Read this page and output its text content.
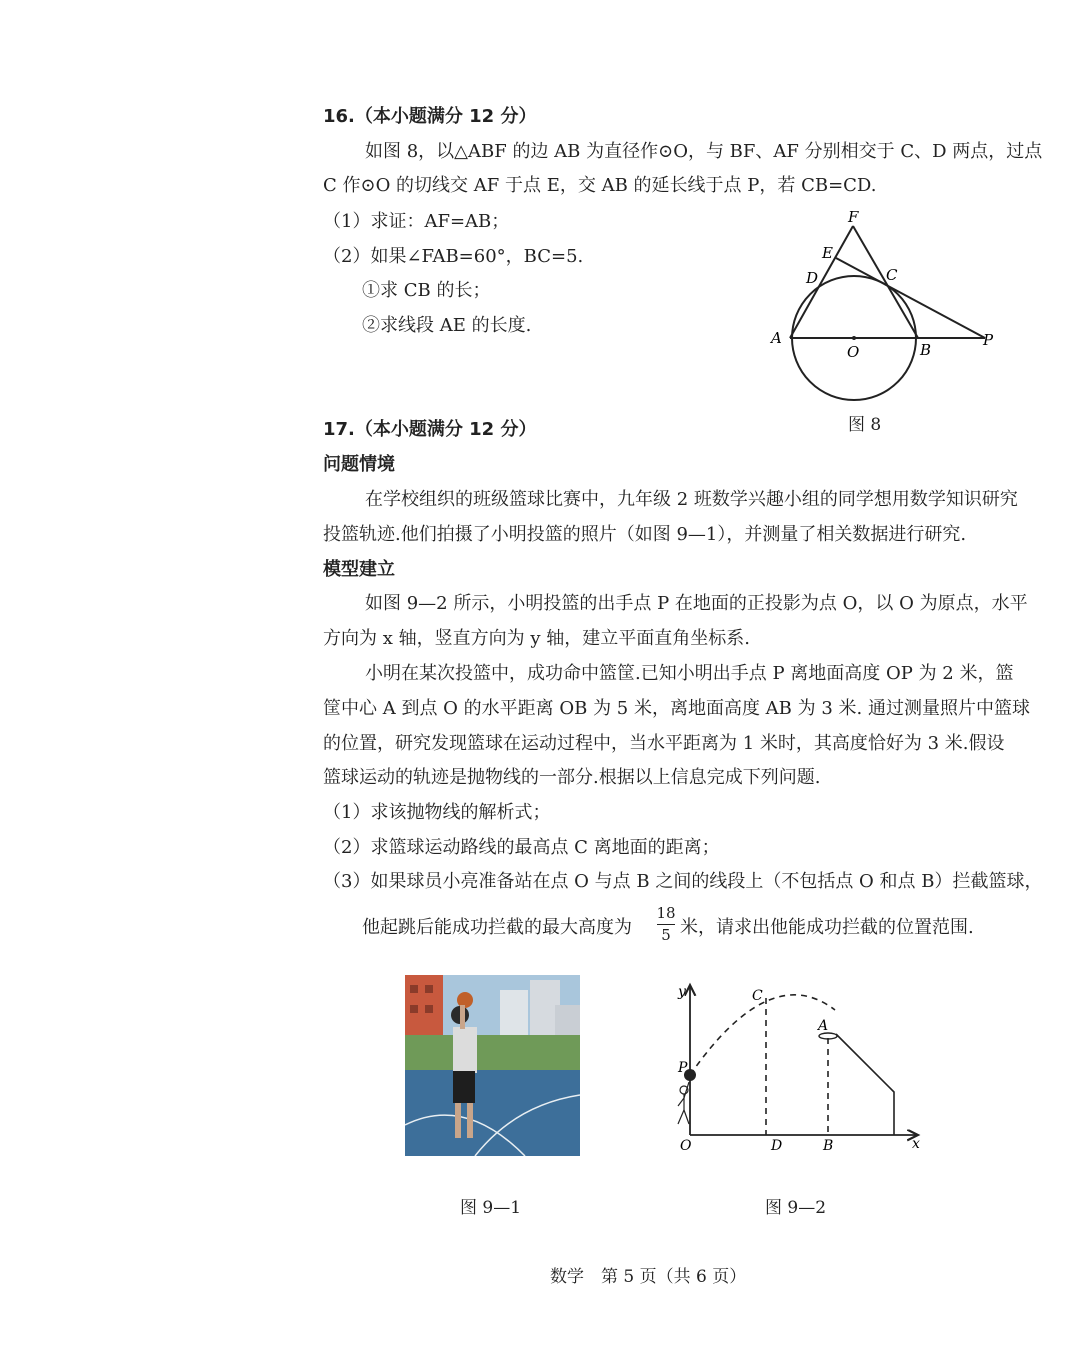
16.（本小题满分 12 分）
如图 8，以△ABF 的边 AB 为直径作⊙O，与 BF、AF 分别相交于 C、D 两点，过点
C 作⊙O 的切线交 AF 于点 E，交 AB 的延长线于点 P，若 CB=CD.
（1）求证：AF=AB；
（2）如果∠FAB=60°，BC=5.
①求 CB 的长；
②求线段 AE 的长度.
F
E
D	C
A
O	B
P
图 8
17.（本小题满分 12 分）
问题情境
在学校组织的班级篮球比赛中，九年级 2 班数学兴趣小组的同学想用数学知识研究
投篮轨迹.他们拍摄了小明投篮的照片（如图 9—1），并测量了相关数据进行研究.
模型建立
如图 9—2 所示，小明投篮的出手点 P 在地面的正投影为点 O，以 O 为原点，水平
方向为 x 轴，竖直方向为 y 轴，建立平面直角坐标系.
小明在某次投篮中，成功命中篮筐.已知小明出手点 P 离地面高度 OP 为 2 米，篮
筐中心 A 到点 O 的水平距离 OB 为 5 米，离地面高度 AB 为 3 米. 通过测量照片中篮球
的位置，研究发现篮球在运动过程中，当水平距离为 1 米时，其高度恰好为 3 米.假设
篮球运动的轨迹是抛物线的一部分.根据以上信息完成下列问题.
（1）求该抛物线的解析式；
（2）求篮球运动路线的最高点 C 离地面的距离；
（3）如果球员小亮准备站在点 O 与点 B 之间的线段上（不包括点 O 和点 B）拦截篮球，
他起跳后能成功拦截的最大高度为
18
5 米，请求出他能成功拦截的位置范围.
图 9—1
y
x
C
P
A
O	D	B
图 9—2
数学　第 5 页（共 6 页）
